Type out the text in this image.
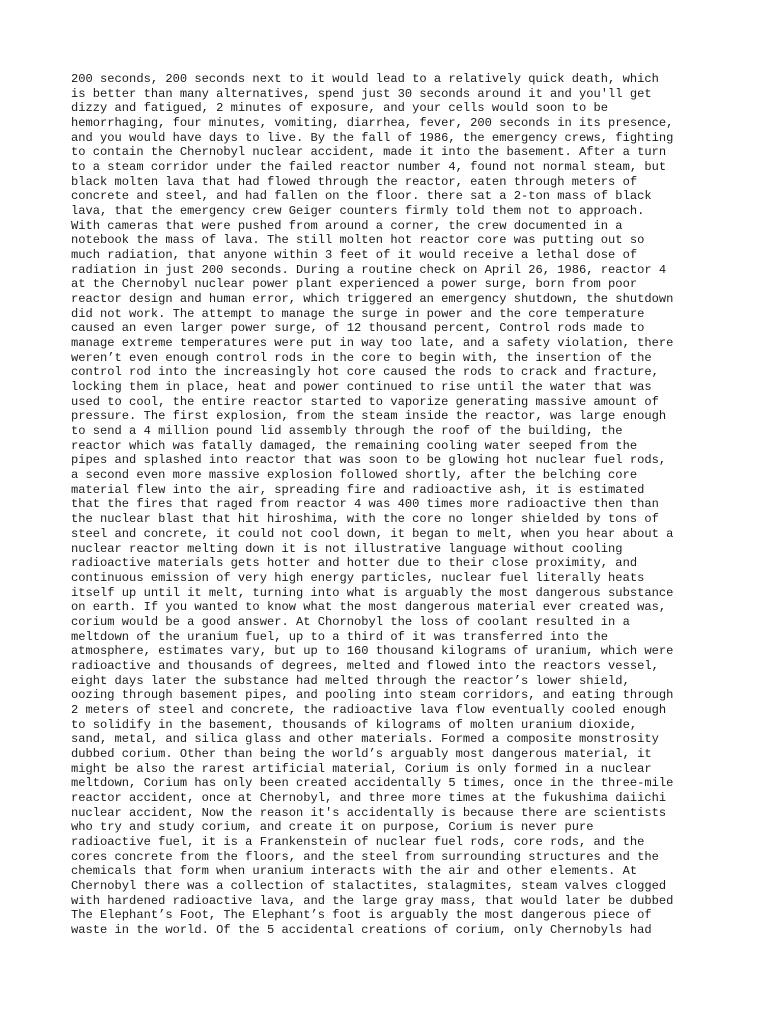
200 seconds, 200 seconds next to it would lead to a relatively quick death, which
is better than many alternatives, spend just 30 seconds around it and you'll get
dizzy and fatigued, 2 minutes of exposure, and your cells would soon to be
hemorrhaging, four minutes, vomiting, diarrhea, fever, 200 seconds in its presence,
and you would have days to live. By the fall of 1986, the emergency crews, fighting
to contain the Chernobyl nuclear accident, made it into the basement. After a turn
to a steam corridor under the failed reactor number 4, found not normal steam, but
black molten lava that had flowed through the reactor, eaten through meters of
concrete and steel, and had fallen on the floor. there sat a 2-ton mass of black
lava, that the emergency crew Geiger counters firmly told them not to approach.
With cameras that were pushed from around a corner, the crew documented in a
notebook the mass of lava. The still molten hot reactor core was putting out so
much radiation, that anyone within 3 feet of it would receive a lethal dose of
radiation in just 200 seconds. During a routine check on April 26, 1986, reactor 4
at the Chernobyl nuclear power plant experienced a power surge, born from poor
reactor design and human error, which triggered an emergency shutdown, the shutdown
did not work. The attempt to manage the surge in power and the core temperature
caused an even larger power surge, of 12 thousand percent, Control rods made to
manage extreme temperatures were put in way too late, and a safety violation, there
weren’t even enough control rods in the core to begin with, the insertion of the
control rod into the increasingly hot core caused the rods to crack and fracture,
locking them in place, heat and power continued to rise until the water that was
used to cool, the entire reactor started to vaporize generating massive amount of
pressure. The first explosion, from the steam inside the reactor, was large enough
to send a 4 million pound lid assembly through the roof of the building, the
reactor which was fatally damaged, the remaining cooling water seeped from the
pipes and splashed into reactor that was soon to be glowing hot nuclear fuel rods,
a second even more massive explosion followed shortly, after the belching core
material flew into the air, spreading fire and radioactive ash, it is estimated
that the fires that raged from reactor 4 was 400 times more radioactive then than
the nuclear blast that hit hiroshima, with the core no longer shielded by tons of
steel and concrete, it could not cool down, it began to melt, when you hear about a
nuclear reactor melting down it is not illustrative language without cooling
radioactive materials gets hotter and hotter due to their close proximity, and
continuous emission of very high energy particles, nuclear fuel literally heats
itself up until it melt, turning into what is arguably the most dangerous substance
on earth. If you wanted to know what the most dangerous material ever created was,
corium would be a good answer. At Chornobyl the loss of coolant resulted in a
meltdown of the uranium fuel, up to a third of it was transferred into the
atmosphere, estimates vary, but up to 160 thousand kilograms of uranium, which were
radioactive and thousands of degrees, melted and flowed into the reactors vessel,
eight days later the substance had melted through the reactor’s lower shield,
oozing through basement pipes, and pooling into steam corridors, and eating through
2 meters of steel and concrete, the radioactive lava flow eventually cooled enough
to solidify in the basement, thousands of kilograms of molten uranium dioxide,
sand, metal, and silica glass and other materials. Formed a composite monstrosity
dubbed corium. Other than being the world’s arguably most dangerous material, it
might be also the rarest artificial material, Corium is only formed in a nuclear
meltdown, Corium has only been created accidentally 5 times, once in the three-mile
reactor accident, once at Chernobyl, and three more times at the fukushima daiichi
nuclear accident, Now the reason it's accidentally is because there are scientists
who try and study corium, and create it on purpose, Corium is never pure
radioactive fuel, it is a Frankenstein of nuclear fuel rods, core rods, and the
cores concrete from the floors, and the steel from surrounding structures and the
chemicals that form when uranium interacts with the air and other elements. At
Chernobyl there was a collection of stalactites, stalagmites, steam valves clogged
with hardened radioactive lava, and the large gray mass, that would later be dubbed
The Elephant’s Foot, The Elephant’s foot is arguably the most dangerous piece of
waste in the world. Of the 5 accidental creations of corium, only Chernobyls had
